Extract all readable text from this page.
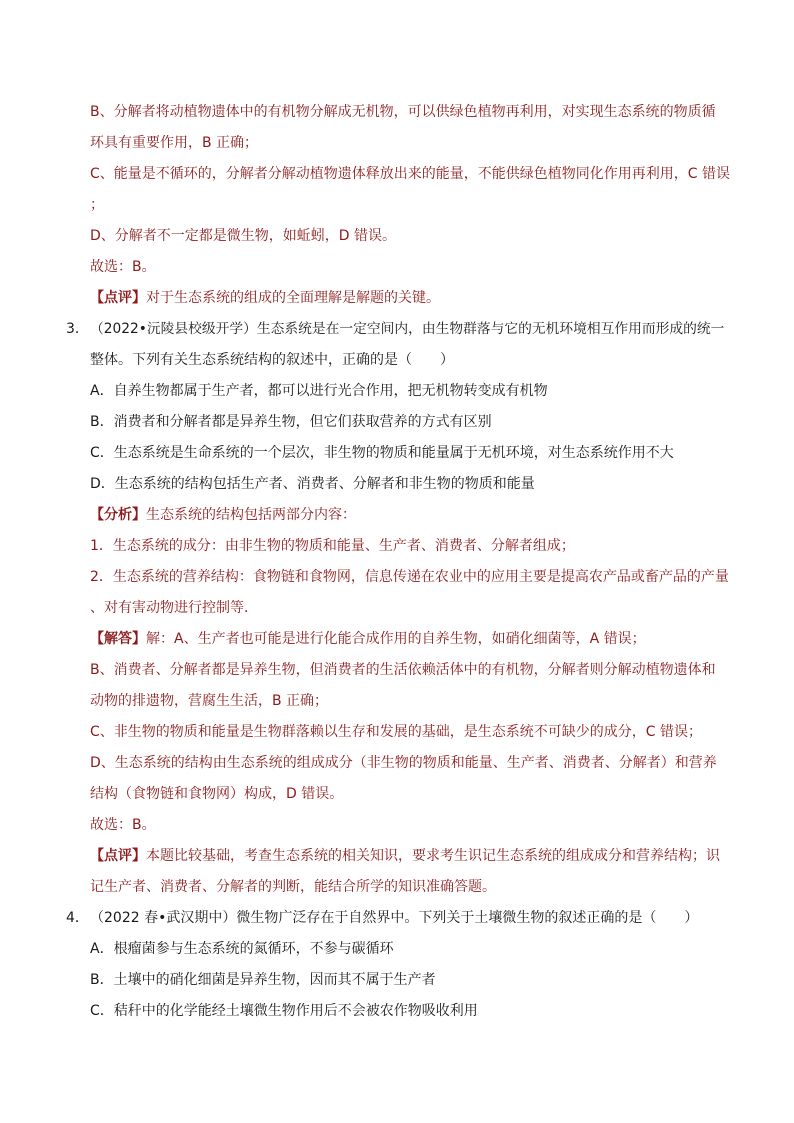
B、分解者将动植物遗体中的有机物分解成无机物，可以供绿色植物再利用，对实现生态系统的物质循
环具有重要作用，B 正确；
C、能量是不循环的，分解者分解动植物遗体释放出来的能量，不能供绿色植物同化作用再利用，C 错误
；
D、分解者不一定都是微生物，如蚯蚓，D 错误。
故选：B。
【点评】对于生态系统的组成的全面理解是解题的关键。
3． （2022•沅陵县校级开学）生态系统是在一定空间内，由生物群落与它的无机环境相互作用而形成的统一
整体。下列有关生态系统结构的叙述中，正确的是（　　）
A．自养生物都属于生产者，都可以进行光合作用，把无机物转变成有机物
B．消费者和分解者都是异养生物，但它们获取营养的方式有区别
C．生态系统是生命系统的一个层次，非生物的物质和能量属于无机环境，对生态系统作用不大
D．生态系统的结构包括生产者、消费者、分解者和非生物的物质和能量
【分析】生态系统的结构包括两部分内容：
1．生态系统的成分：由非生物的物质和能量、生产者、消费者、分解者组成；
2．生态系统的营养结构：食物链和食物网，信息传递在农业中的应用主要是提高农产品或畜产品的产量
、对有害动物进行控制等．
【解答】解：A、生产者也可能是进行化能合成作用的自养生物，如硝化细菌等，A 错误；
B、消费者、分解者都是异养生物，但消费者的生活依赖活体中的有机物，分解者则分解动植物遗体和
动物的排遗物，营腐生生活，B 正确；
C、非生物的物质和能量是生物群落赖以生存和发展的基础，是生态系统不可缺少的成分，C 错误；
D、生态系统的结构由生态系统的组成成分（非生物的物质和能量、生产者、消费者、分解者）和营养
结构（食物链和食物网）构成，D 错误。
故选：B。
【点评】本题比较基础，考查生态系统的相关知识，要求考生识记生态系统的组成成分和营养结构；识
记生产者、消费者、分解者的判断，能结合所学的知识准确答题。
4． （2022 春•武汉期中）微生物广泛存在于自然界中。下列关于土壤微生物的叙述正确的是（　　）
A．根瘤菌参与生态系统的氮循环，不参与碳循环
B．土壤中的硝化细菌是异养生物，因而其不属于生产者
C．秸秆中的化学能经土壤微生物作用后不会被农作物吸收利用
